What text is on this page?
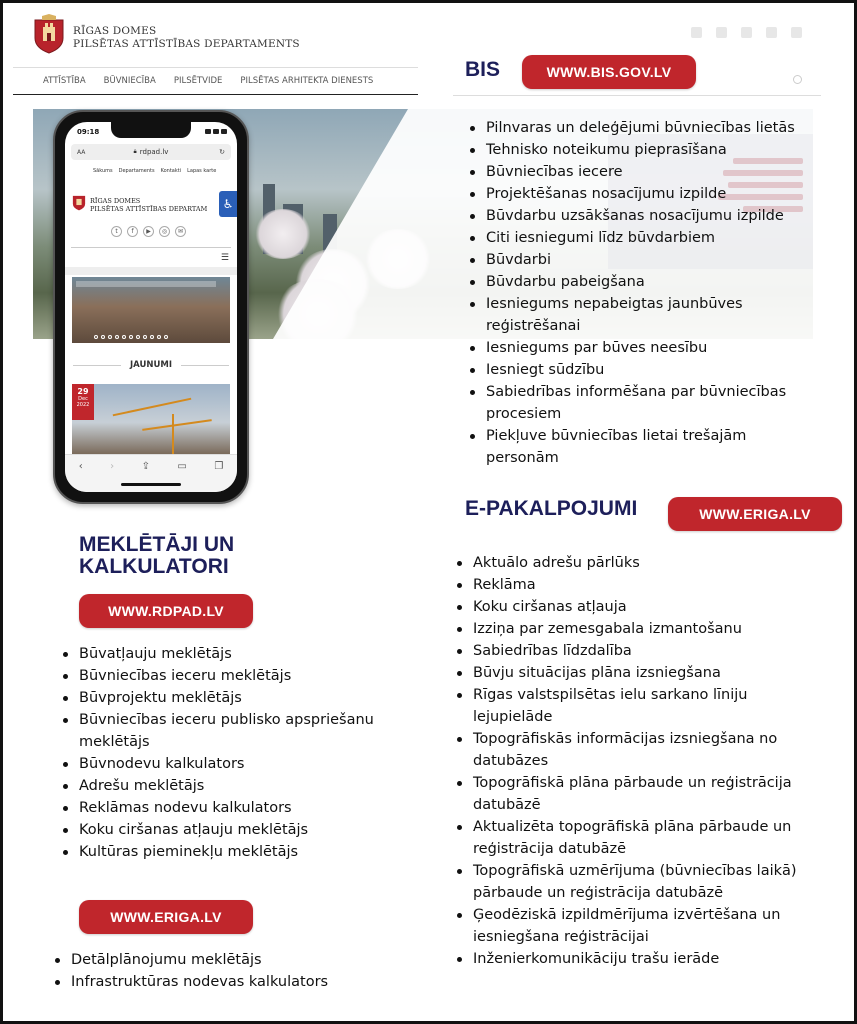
RĪGAS DOMES
PILSĒTAS ATTĪSTĪBAS DEPARTAMENTS
ATTĪSTĪBA BŪVNIECĪBA PILSĒTVIDE PILSĒTAS ARHITEKTA DIENESTS
09:18
AA	🔒︎ rdpad.lv	↻
Sākums Departaments Kontakti Lapas karte
RĪGAS DOMES
PILSĒTAS ATTĪSTĪBAS DEPARTAM	♿︎
t	f	▶	◎	✉
☰
JAUNUMI
29
Dec
2022
‹	›	⇪	▭	❐
BIS	WWW.BIS.GOV.LV
Pilnvaras un deleģējumi būvniecības lietās
Tehnisko noteikumu pieprasīšana
Būvniecības iecere
Projektēšanas nosacījumu izpilde
Būvdarbu uzsākšanas nosacījumu izpilde
Citi iesniegumi līdz būvdarbiem
Būvdarbi
Būvdarbu pabeigšana
Iesniegums nepabeigtas jaunbūves reģistrēšanai
Iesniegums par būves neesību
Iesniegt sūdzību
Sabiedrības informēšana par būvniecības procesiem
Piekļuve būvniecības lietai trešajām personām
E-PAKALPOJUMI	WWW.ERIGA.LV
Aktuālo adrešu pārlūks
Reklāma
Koku ciršanas atļauja
Izziņa par zemesgabala izmantošanu
Sabiedrības līdzdalība
Būvju situācijas plāna izsniegšana
Rīgas valstspilsētas ielu sarkano līniju lejupielāde
Topogrāfiskās informācijas izsniegšana no datubāzes
Topogrāfiskā plāna pārbaude un reģistrācija datubāzē
Aktualizēta topogrāfiskā plāna pārbaude un reģistrācija datubāzē
Topogrāfiskā uzmērījuma (būvniecības laikā) pārbaude un reģistrācija datubāzē
Ģeodēziskā izpildmērījuma izvērtēšana un iesniegšana reģistrācijai
Inženierkomunikāciju trašu ierāde
MEKLĒTĀJI UN
KALKULATORI
WWW.RDPAD.LV
Būvatļauju meklētājs
Būvniecības ieceru meklētājs
Būvprojektu meklētājs
Būvniecības ieceru publisko apspriešanu meklētājs
Būvnodevu kalkulators
Adrešu meklētājs
Reklāmas nodevu kalkulators
Koku ciršanas atļauju meklētājs
Kultūras pieminekļu meklētājs
WWW.ERIGA.LV
Detālplānojumu meklētājs
Infrastruktūras nodevas kalkulators
